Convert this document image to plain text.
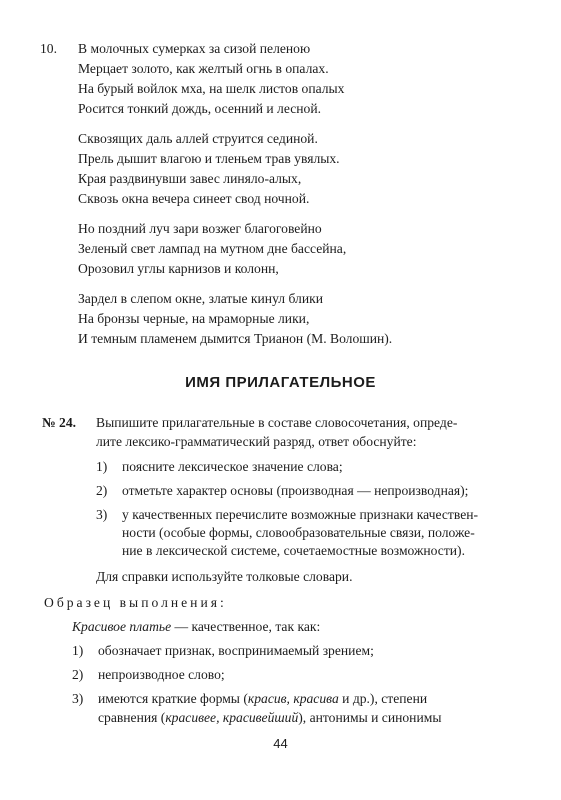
10. В молочных сумерках за сизой пеленою
Мерцает золото, как желтый огнь в опалах.
На бурый войлок мха, на шелк листов опалых
Росится тонкий дождь, осенний и лесной.
Сквозящих даль аллей струится сединой.
Прель дышит влагою и тленьем трав увялых.
Края раздвинувши завес линяло-алых,
Сквозь окна вечера синеет свод ночной.
Но поздний луч зари возжег благоговейно
Зеленый свет лампад на мутном дне бассейна,
Орозовил углы карнизов и колонн,
Зардел в слепом окне, златые кинул блики
На бронзы черные, на мраморные лики,
И темным пламенем дымится Трианон (М. Волошин).
ИМЯ ПРИЛАГАТЕЛЬНОЕ
№ 24. Выпишите прилагательные в составе словосочетания, опреде-
лите лексико-грамматический разряд, ответ обоснуйте:
1) поясните лексическое значение слова;
2) отметьте характер основы (производная — непроизводная);
3) у качественных перечислите возможные признаки качествен-
ности (особые формы, словообразовательные связи, положе-
ние в лексической системе, сочетаемостные возможности).
Для справки используйте толковые словари.
Образец выполнения:
Красивое платье — качественное, так как:
1) обозначает признак, воспринимаемый зрением;
2) непроизводное слово;
3) имеются краткие формы (красив, красива и др.), степени
сравнения (красивее, красивейший), антонимы и синонимы
44
